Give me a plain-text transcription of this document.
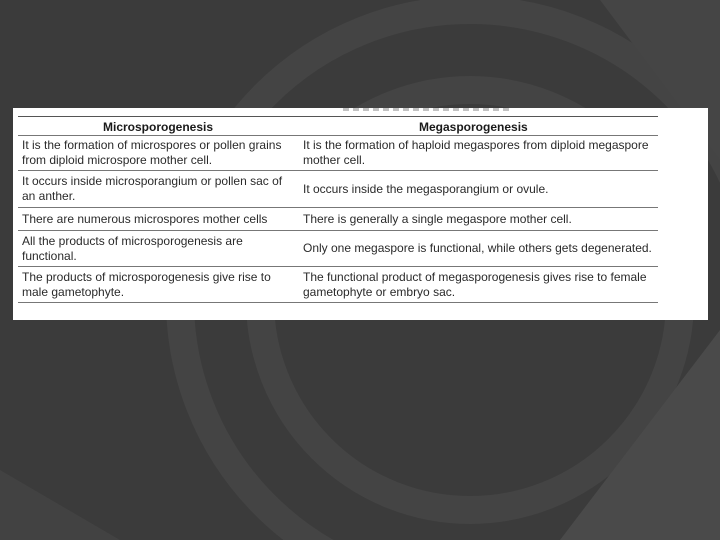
Microsporogenesis	Megasporogenesis
It is the formation of microspores or pollen grains from diploid microspore mother cell.	It is the formation of haploid megaspores from diploid megaspore mother cell.
It occurs inside microsporangium or pollen sac of an anther.	It occurs inside the megasporangium or ovule.
There are numerous microspores mother cells	There is generally a single megaspore mother cell.
All the products of microsporogenesis are functional.	Only one megaspore is functional, while others gets degenerated.
The products of microsporogenesis give rise to male gametophyte.	The functional product of megasporogenesis gives rise to female gametophyte or embryo sac.
